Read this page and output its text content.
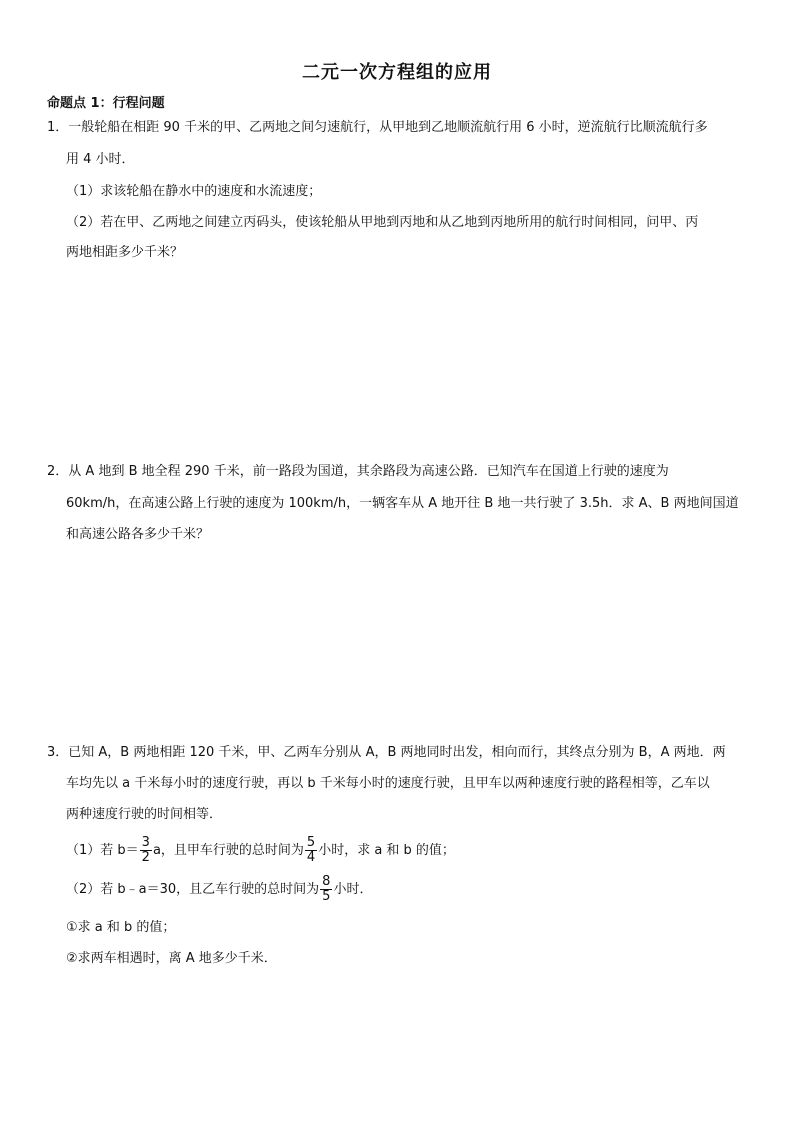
二元一次方程组的应用
命题点 1：行程问题
1．一般轮船在相距 90 千米的甲、乙两地之间匀速航行，从甲地到乙地顺流航行用 6 小时，逆流航行比顺流航行多
用 4 小时．
（1）求该轮船在静水中的速度和水流速度；
（2）若在甲、乙两地之间建立丙码头，使该轮船从甲地到丙地和从乙地到丙地所用的航行时间相同，问甲、丙
两地相距多少千米？
2．从 A 地到 B 地全程 290 千米，前一路段为国道，其余路段为高速公路．已知汽车在国道上行驶的速度为
60km/h，在高速公路上行驶的速度为 100km/h，一辆客车从 A 地开往 B 地一共行驶了 3.5h．求 A、B 两地间国道
和高速公路各多少千米？
3．已知 A，B 两地相距 120 千米，甲、乙两车分别从 A，B 两地同时出发，相向而行，其终点分别为 B，A 两地．两
车均先以 a 千米每小时的速度行驶，再以 b 千米每小时的速度行驶，且甲车以两种速度行驶的路程相等，乙车以
两种速度行驶的时间相等．
（1）若 $b= \frac{3}{2}$ a，且甲车行驶的总时间为 $\frac{5}{4}$ 小时，求 a 和 b 的值；
（2）若 b﹣a＝30，且乙车行驶的总时间为 $\frac{8}{5}$ 小时．
①求 a 和 b 的值；
②求两车相遇时，离 A 地多少千米．
